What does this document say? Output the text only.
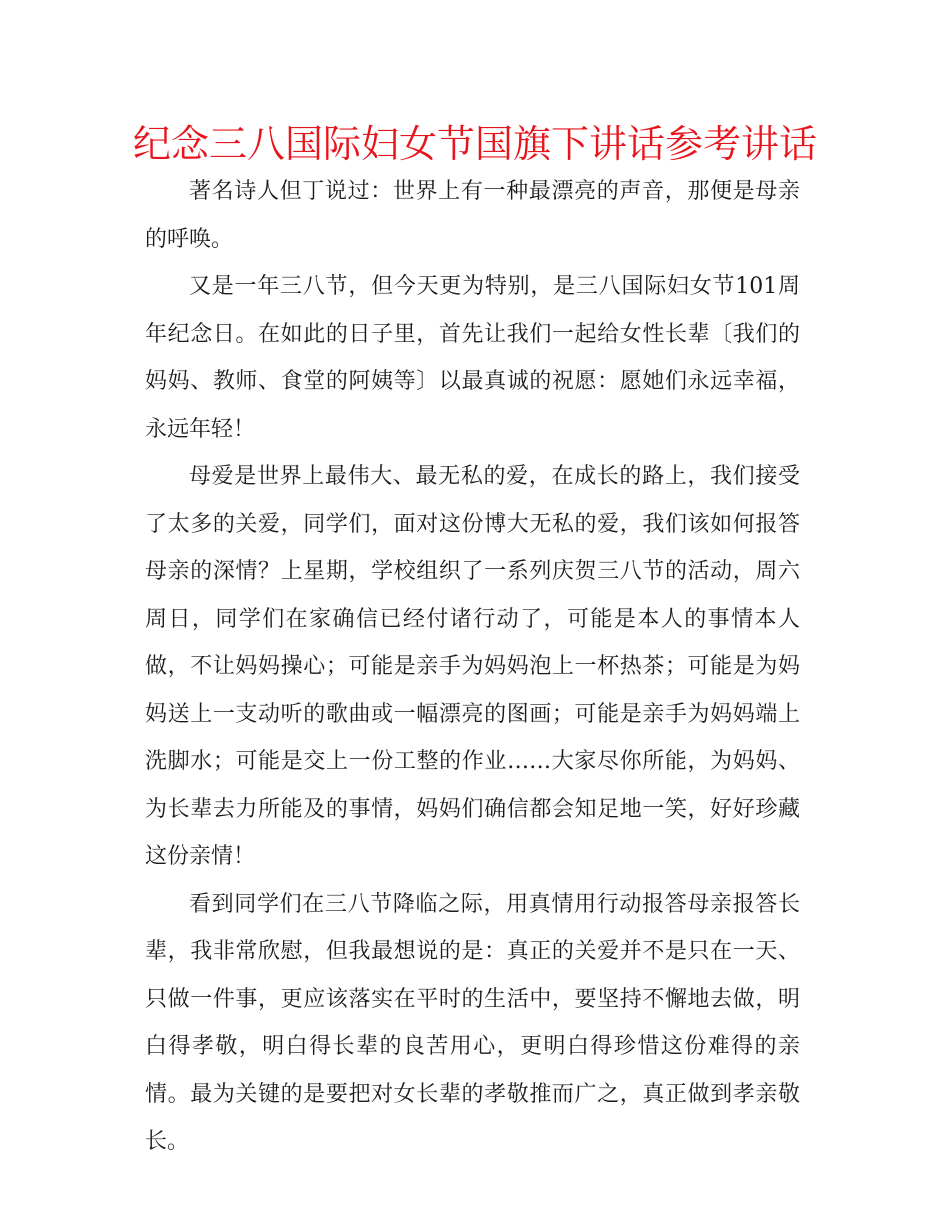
纪念三八国际妇女节国旗下讲话参考讲话

著名诗人但丁说过：世界上有一种最漂亮的声音，那便是母亲的呼唤。

又是一年三八节，但今天更为特别，是三八国际妇女节101周年纪念日。在如此的日子里，首先让我们一起给女性长辈〔我们的妈妈、教师、食堂的阿姨等〕以最真诚的祝愿：愿她们永远幸福，永远年轻！

母爱是世界上最伟大、最无私的爱，在成长的路上，我们接受了太多的关爱，同学们，面对这份博大无私的爱，我们该如何报答母亲的深情？上星期，学校组织了一系列庆贺三八节的活动，周六周日，同学们在家确信已经付诸行动了，可能是本人的事情本人做，不让妈妈操心；可能是亲手为妈妈泡上一杯热茶；可能是为妈妈送上一支动听的歌曲或一幅漂亮的图画；可能是亲手为妈妈端上洗脚水；可能是交上一份工整的作业……大家尽你所能，为妈妈、为长辈去力所能及的事情，妈妈们确信都会知足地一笑，好好珍藏这份亲情！

看到同学们在三八节降临之际，用真情用行动报答母亲报答长辈，我非常欣慰，但我最想说的是：真正的关爱并不是只在一天、只做一件事，更应该落实在平时的生活中，要坚持不懈地去做，明白得孝敬，明白得长辈的良苦用心，更明白得珍惜这份难得的亲情。最为关键的是要把对女长辈的孝敬推而广之，真正做到孝亲敬长。
